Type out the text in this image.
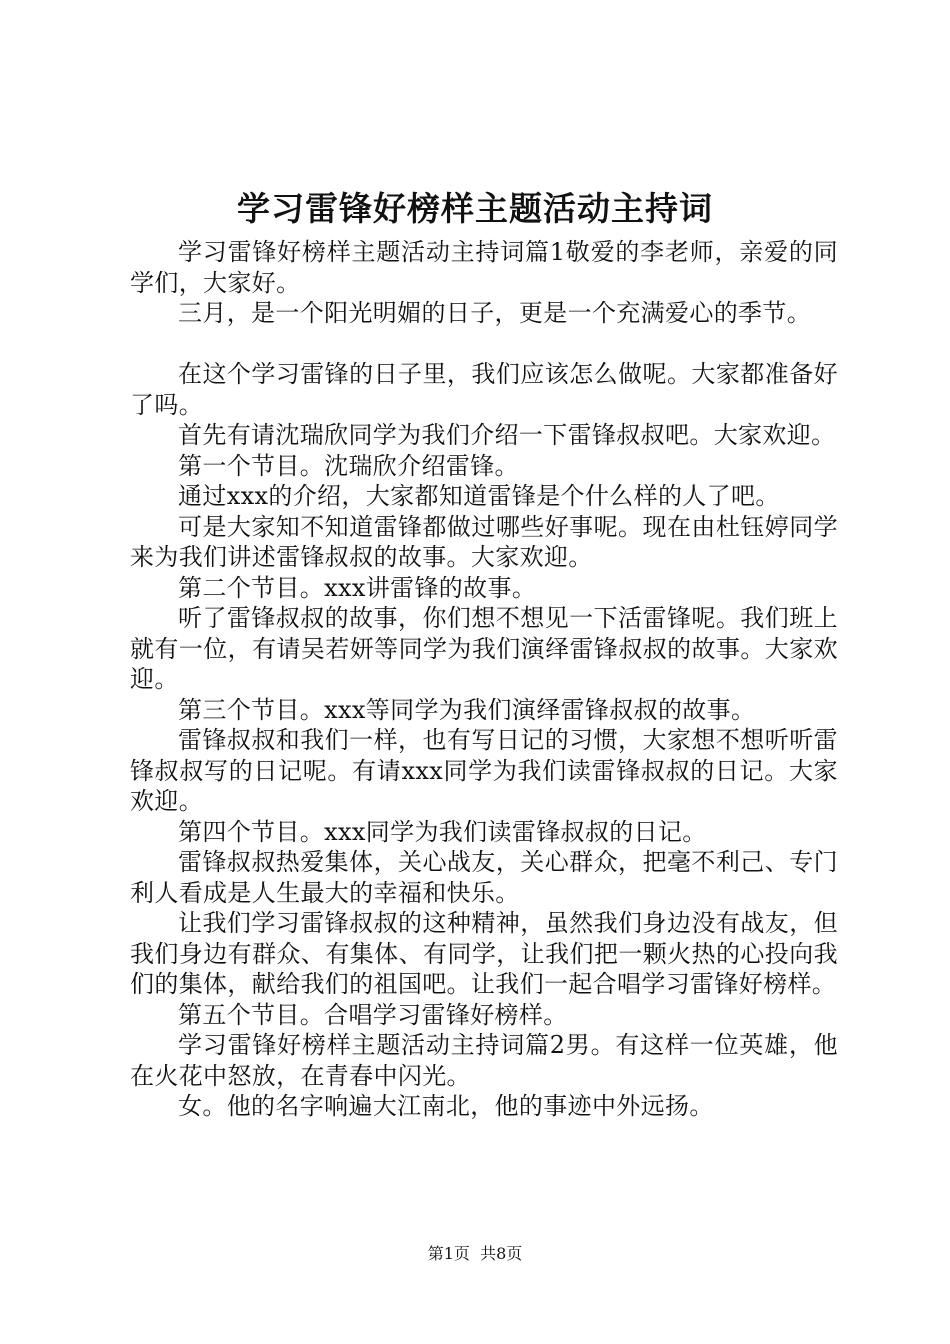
学习雷锋好榜样主题活动主持词

学习雷锋好榜样主题活动主持词篇1敬爱的李老师，亲爱的同学们，大家好。

三月，是一个阳光明媚的日子，更是一个充满爱心的季节。

在这个学习雷锋的日子里，我们应该怎么做呢。大家都准备好了吗。

首先有请沈瑞欣同学为我们介绍一下雷锋叔叔吧。大家欢迎。

第一个节目。沈瑞欣介绍雷锋。

通过xxx的介绍，大家都知道雷锋是个什么样的人了吧。

可是大家知不知道雷锋都做过哪些好事呢。现在由杜钰婷同学来为我们讲述雷锋叔叔的故事。大家欢迎。

第二个节目。xxx讲雷锋的故事。

听了雷锋叔叔的故事，你们想不想见一下活雷锋呢。我们班上就有一位，有请吴若妍等同学为我们演绎雷锋叔叔的故事。大家欢迎。

第三个节目。xxx等同学为我们演绎雷锋叔叔的故事。

雷锋叔叔和我们一样，也有写日记的习惯，大家想不想听听雷锋叔叔写的日记呢。有请xxx同学为我们读雷锋叔叔的日记。大家欢迎。

第四个节目。xxx同学为我们读雷锋叔叔的日记。

雷锋叔叔热爱集体，关心战友，关心群众，把毫不利己、专门利人看成是人生最大的幸福和快乐。

让我们学习雷锋叔叔的这种精神，虽然我们身边没有战友，但我们身边有群众、有集体、有同学，让我们把一颗火热的心投向我们的集体，献给我们的祖国吧。让我们一起合唱学习雷锋好榜样。

第五个节目。合唱学习雷锋好榜样。

学习雷锋好榜样主题活动主持词篇2男。有这样一位英雄，他在火花中怒放，在青春中闪光。

女。他的名字响遍大江南北，他的事迹中外远扬。

第1页 共8页
